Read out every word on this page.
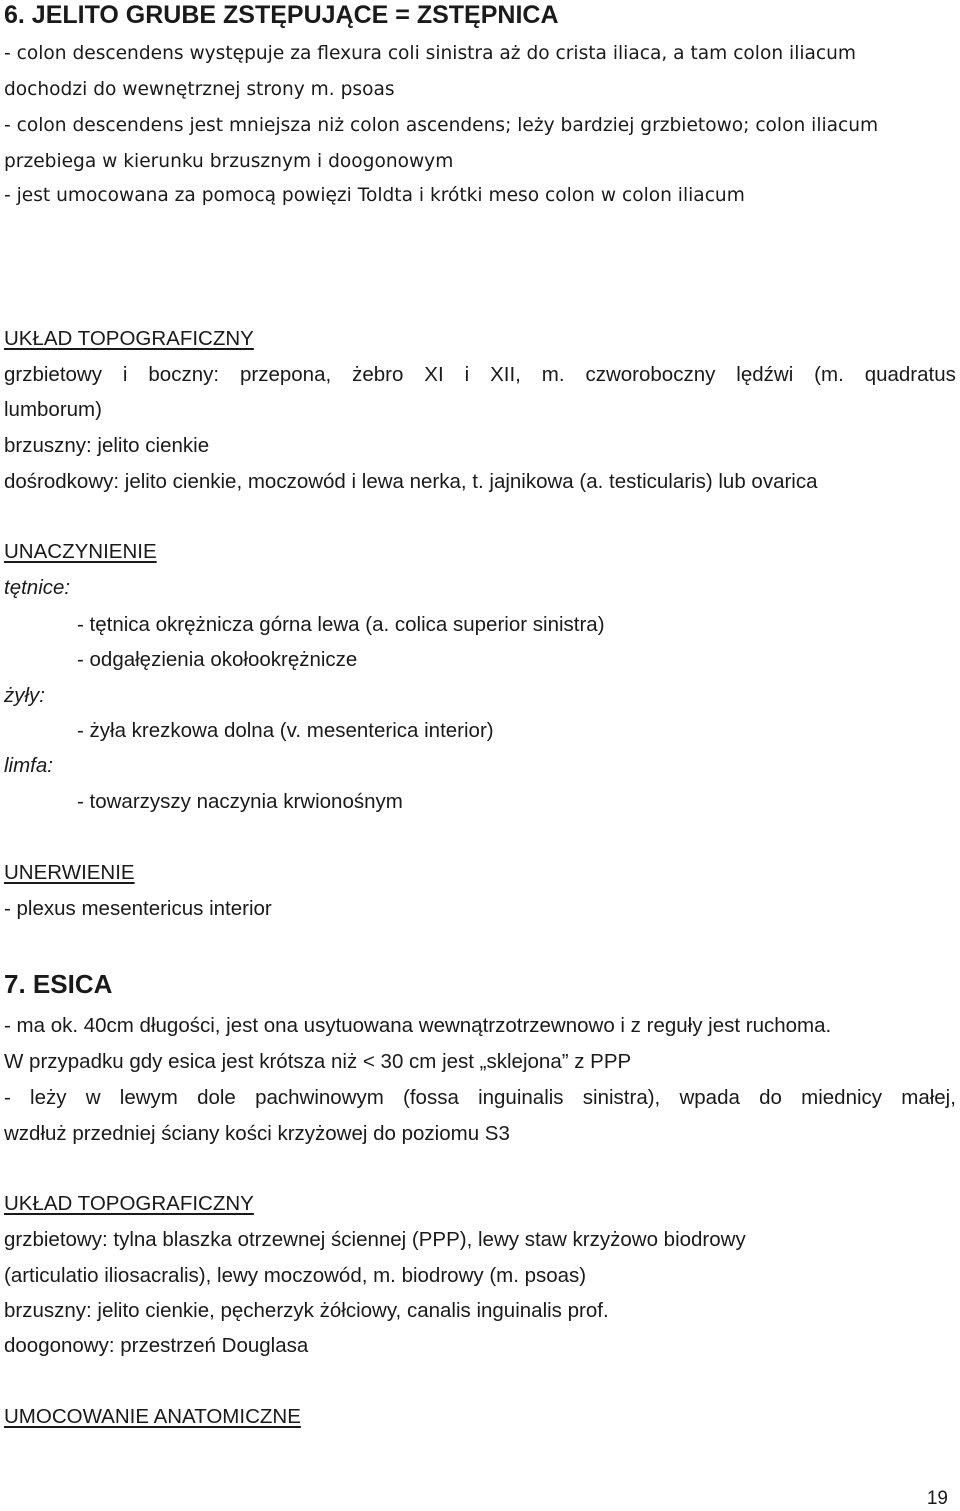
6. JELITO GRUBE ZSTĘPUJĄCE = ZSTĘPNICA
- colon descendens występuje za flexura coli sinistra aż do crista iliaca, a tam colon iliacum
dochodzi do wewnętrznej strony m. psoas
- colon descendens jest mniejsza niż colon ascendens; leży bardziej grzbietowo; colon iliacum
przebiega w kierunku brzusznym i doogonowym
- jest umocowana za pomocą powięzi Toldta i krótki meso colon w colon iliacum
UKŁAD TOPOGRAFICZNY
grzbietowy i boczny: przepona, żebro XI i XII, m. czworoboczny lędźwi (m. quadratus
lumborum)
brzuszny: jelito cienkie
dośrodkowy: jelito cienkie, moczowód i lewa nerka, t. jajnikowa (a. testicularis) lub ovarica
UNACZYNIENIE
tętnice:
- tętnica okrężnicza górna lewa (a. colica superior sinistra)
- odgałęzienia okołookrężnicze
żyły:
- żyła krezkowa dolna (v. mesenterica interior)
limfa:
- towarzyszy naczynia krwionośnym
UNERWIENIE
- plexus mesentericus interior
7. ESICA
- ma ok. 40cm długości, jest ona usytuowana wewnątrzotrzewnowo i z reguły jest ruchoma.
W przypadku gdy esica jest krótsza niż < 30 cm jest „sklejona” z PPP
- leży w lewym dole pachwinowym (fossa inguinalis sinistra), wpada do miednicy małej,
wzdłuż przedniej ściany kości krzyżowej do poziomu S3
UKŁAD TOPOGRAFICZNY
grzbietowy: tylna blaszka otrzewnej ściennej (PPP), lewy staw krzyżowo biodrowy
(articulatio iliosacralis), lewy moczowód, m. biodrowy (m. psoas)
brzuszny: jelito cienkie, pęcherzyk żółciowy, canalis inguinalis prof.
doogonowy: przestrzeń Douglasa
UMOCOWANIE ANATOMICZNE
19
